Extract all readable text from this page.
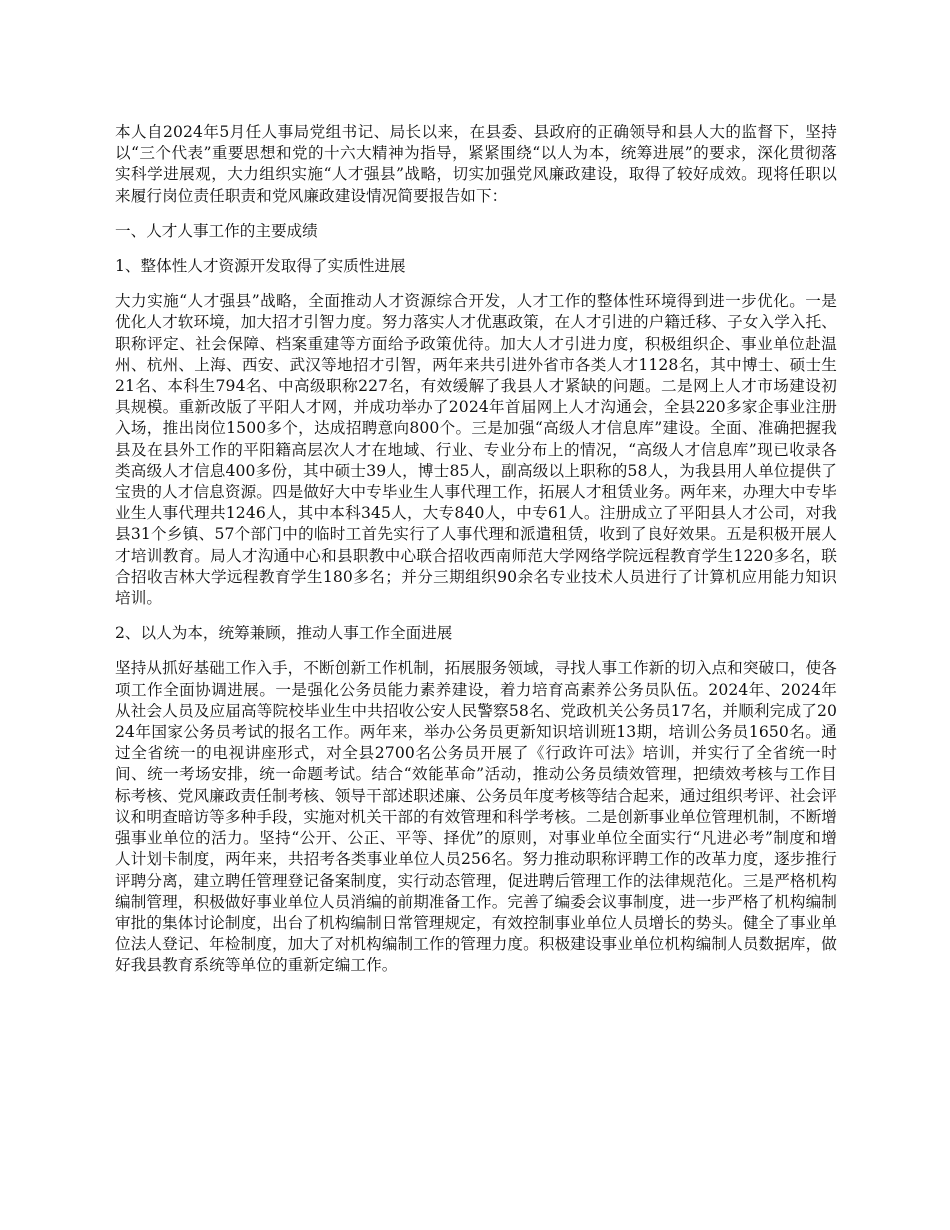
本人自2024年5月任人事局党组书记、局长以来，在县委、县政府的正确领导和县人大的监督下，坚持以“三个代表”重要思想和党的十六大精神为指导，紧紧围绕“以人为本，统筹进展”的要求，深化贯彻落实科学进展观，大力组织实施“人才强县”战略，切实加强党风廉政建设，取得了较好成效。现将任职以来履行岗位责任职责和党风廉政建设情况简要报告如下：

一、人才人事工作的主要成绩

1、整体性人才资源开发取得了实质性进展

大力实施“人才强县”战略，全面推动人才资源综合开发，人才工作的整体性环境得到进一步优化。一是优化人才软环境，加大招才引智力度。努力落实人才优惠政策，在人才引进的户籍迁移、子女入学入托、职称评定、社会保障、档案重建等方面给予政策优待。加大人才引进力度，积极组织企、事业单位赴温州、杭州、上海、西安、武汉等地招才引智，两年来共引进外省市各类人才1128名，其中博士、硕士生21名、本科生794名、中高级职称227名，有效缓解了我县人才紧缺的问题。二是网上人才市场建设初具规模。重新改版了平阳人才网，并成功举办了2024年首届网上人才沟通会，全县220多家企事业注册入场，推出岗位1500多个，达成招聘意向800个。三是加强“高级人才信息库”建设。全面、准确把握我县及在县外工作的平阳籍高层次人才在地域、行业、专业分布上的情况，“高级人才信息库”现已收录各类高级人才信息400多份，其中硕士39人，博士85人，副高级以上职称的58人，为我县用人单位提供了宝贵的人才信息资源。四是做好大中专毕业生人事代理工作，拓展人才租赁业务。两年来，办理大中专毕业生人事代理共1246人，其中本科345人，大专840人，中专61人。注册成立了平阳县人才公司，对我县31个乡镇、57个部门中的临时工首先实行了人事代理和派遣租赁，收到了良好效果。五是积极开展人才培训教育。局人才沟通中心和县职教中心联合招收西南师范大学网络学院远程教育学生1220多名，联合招收吉林大学远程教育学生180多名；并分三期组织90余名专业技术人员进行了计算机应用能力知识培训。

2、以人为本，统筹兼顾，推动人事工作全面进展

坚持从抓好基础工作入手，不断创新工作机制，拓展服务领域，寻找人事工作新的切入点和突破口，使各项工作全面协调进展。一是强化公务员能力素养建设，着力培育高素养公务员队伍。2024年、2024年从社会人员及应届高等院校毕业生中共招收公安人民警察58名、党政机关公务员17名，并顺利完成了2024年国家公务员考试的报名工作。两年来，举办公务员更新知识培训班13期，培训公务员1650名。通过全省统一的电视讲座形式，对全县2700名公务员开展了《行政许可法》培训，并实行了全省统一时间、统一考场安排，统一命题考试。结合“效能革命”活动，推动公务员绩效管理，把绩效考核与工作目标考核、党风廉政责任制考核、领导干部述职述廉、公务员年度考核等结合起来，通过组织考评、社会评议和明查暗访等多种手段，实施对机关干部的有效管理和科学考核。二是创新事业单位管理机制，不断增强事业单位的活力。坚持“公开、公正、平等、择优”的原则，对事业单位全面实行“凡进必考”制度和增人计划卡制度，两年来，共招考各类事业单位人员256名。努力推动职称评聘工作的改革力度，逐步推行评聘分离，建立聘任管理登记备案制度，实行动态管理，促进聘后管理工作的法律规范化。三是严格机构编制管理，积极做好事业单位人员消编的前期准备工作。完善了编委会议事制度，进一步严格了机构编制审批的集体讨论制度，出台了机构编制日常管理规定，有效控制事业单位人员增长的势头。健全了事业单位法人登记、年检制度，加大了对机构编制工作的管理力度。积极建设事业单位机构编制人员数据库，做好我县教育系统等单位的重新定编工作。
